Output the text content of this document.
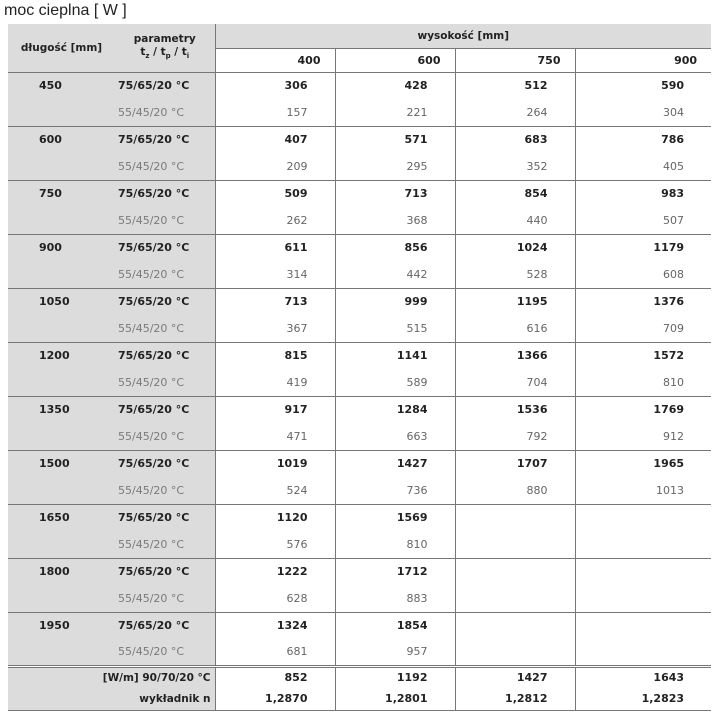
moc cieplna [ W ]
długość [mm]	parametry
$t_z / t_p / t_i$	wysokość [mm]			
		400	600	750	900
450	75/65/20 °C	306	428	512	590
	55/45/20 °C	157	221	264	304
600	75/65/20 °C	407	571	683	786
	55/45/20 °C	209	295	352	405
750	75/65/20 °C	509	713	854	983
	55/45/20 °C	262	368	440	507
900	75/65/20 °C	611	856	1024	1179
	55/45/20 °C	314	442	528	608
1050	75/65/20 °C	713	999	1195	1376
	55/45/20 °C	367	515	616	709
1200	75/65/20 °C	815	1141	1366	1572
	55/45/20 °C	419	589	704	810
1350	75/65/20 °C	917	1284	1536	1769
	55/45/20 °C	471	663	792	912
1500	75/65/20 °C	1019	1427	1707	1965
	55/45/20 °C	524	736	880	1013
1650	75/65/20 °C	1120	1569		
	55/45/20 °C	576	810		
1800	75/65/20 °C	1222	1712		
	55/45/20 °C	628	883		
1950	75/65/20 °C	1324	1854		
	55/45/20 °C	681	957		
[W/m] 90/70/20 °C		852	1192	1427	1643
wykładnik n		1,2870	1,2801	1,2812	1,2823
